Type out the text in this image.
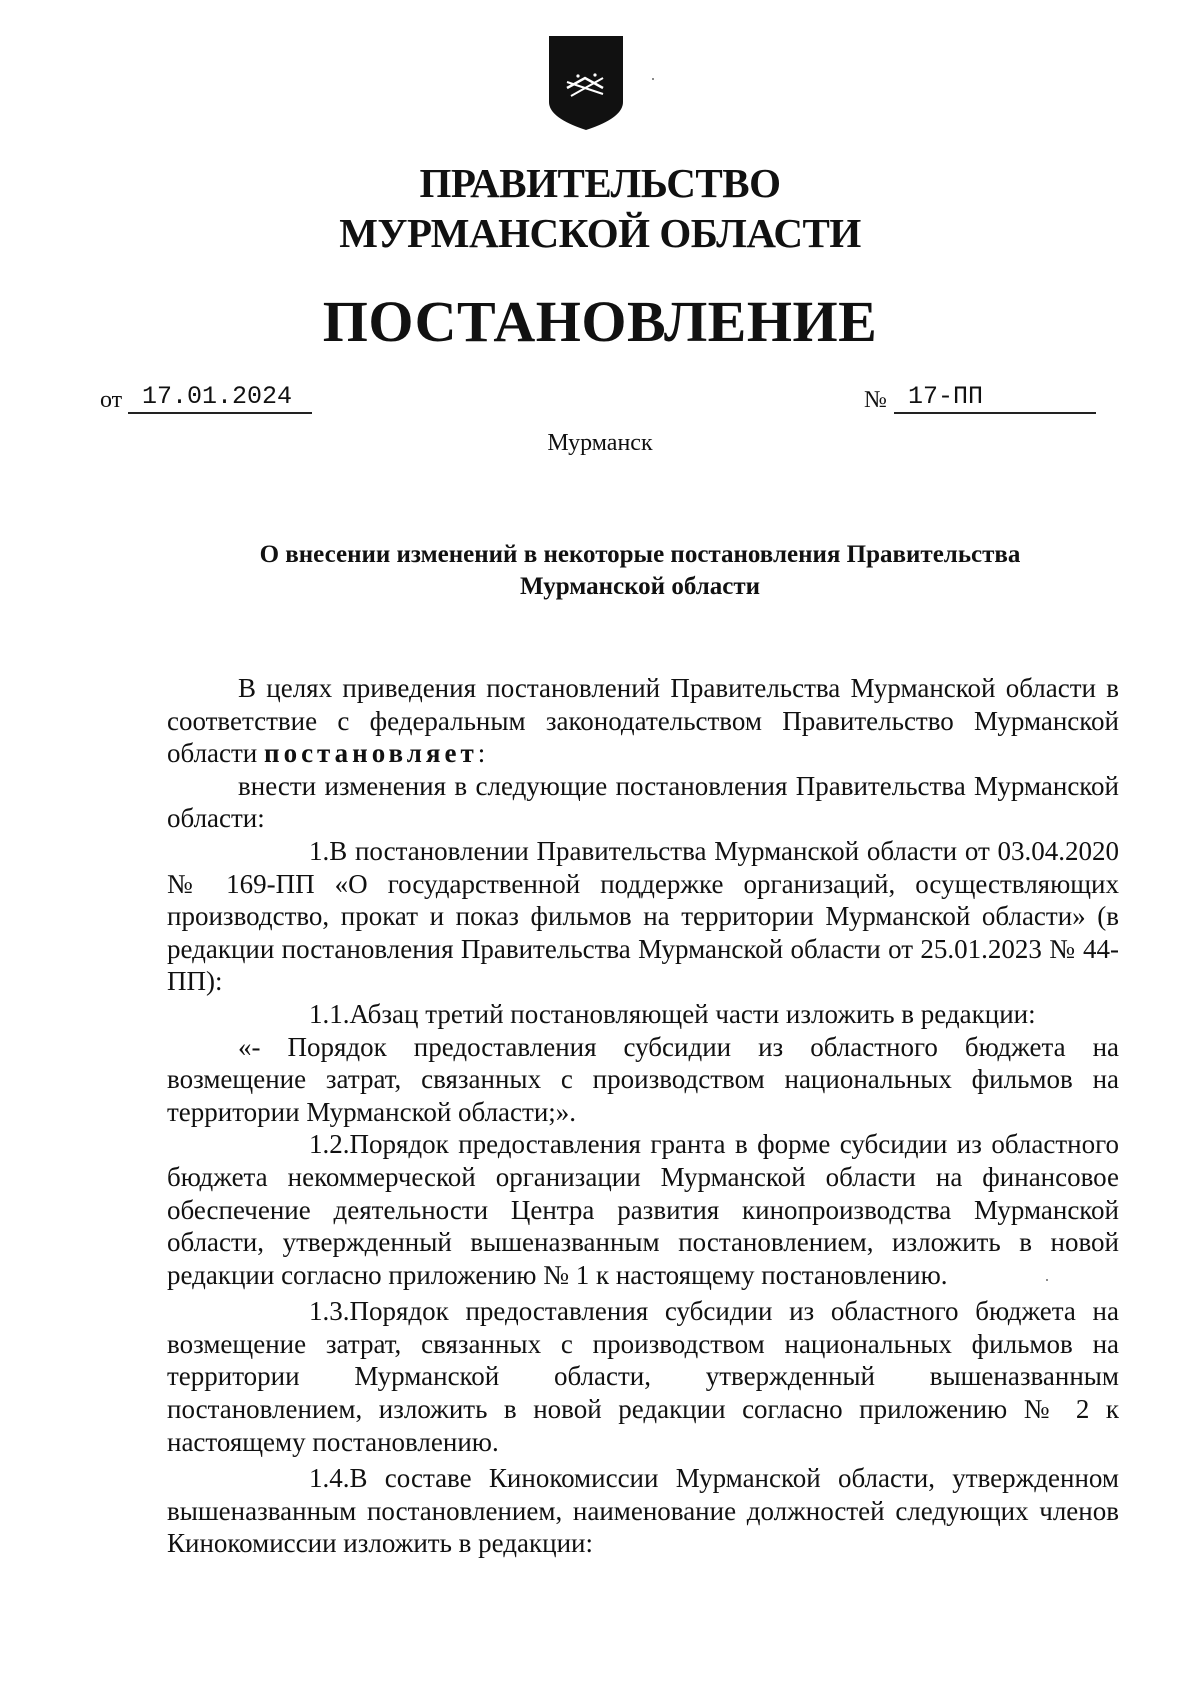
ПРАВИТЕЛЬСТВО
МУРМАНСКОЙ ОБЛАСТИ
ПОСТАНОВЛЕНИЕ
от 17.01.2024	№ 17-ПП
Мурманск
О внесении изменений в некоторые постановления Правительства
Мурманской области

В целях приведения постановлений Правительства Мурманской области в соответствие с федеральным законодательством Правительство Мурманской области постановляет:

внести изменения в следующие постановления Правительства Мурманской области:

1.В постановлении Правительства Мурманской области от 03.04.2020 № 169-ПП «О государственной поддержке организаций, осуществляющих производство, прокат и показ фильмов на территории Мурманской области» (в редакции постановления Правительства Мурманской области от 25.01.2023 № 44-ПП):

1.1.Абзац третий постановляющей части изложить в редакции:

«- Порядок предоставления субсидии из областного бюджета на возмещение затрат, связанных с производством национальных фильмов на территории Мурманской области;».

1.2.Порядок предоставления гранта в форме субсидии из областного бюджета некоммерческой организации Мурманской области на финансовое обеспечение деятельности Центра развития кинопроизводства Мурманской области, утвержденный вышеназванным постановлением, изложить в новой редакции согласно приложению № 1 к настоящему постановлению.

1.3.Порядок предоставления субсидии из областного бюджета на возмещение затрат, связанных с производством национальных фильмов на территории Мурманской области, утвержденный вышеназванным постановлением, изложить в новой редакции согласно приложению № 2 к настоящему постановлению.

1.4.В составе Кинокомиссии Мурманской области, утвержденном вышеназванным постановлением, наименование должностей следующих членов Кинокомиссии изложить в редакции:
